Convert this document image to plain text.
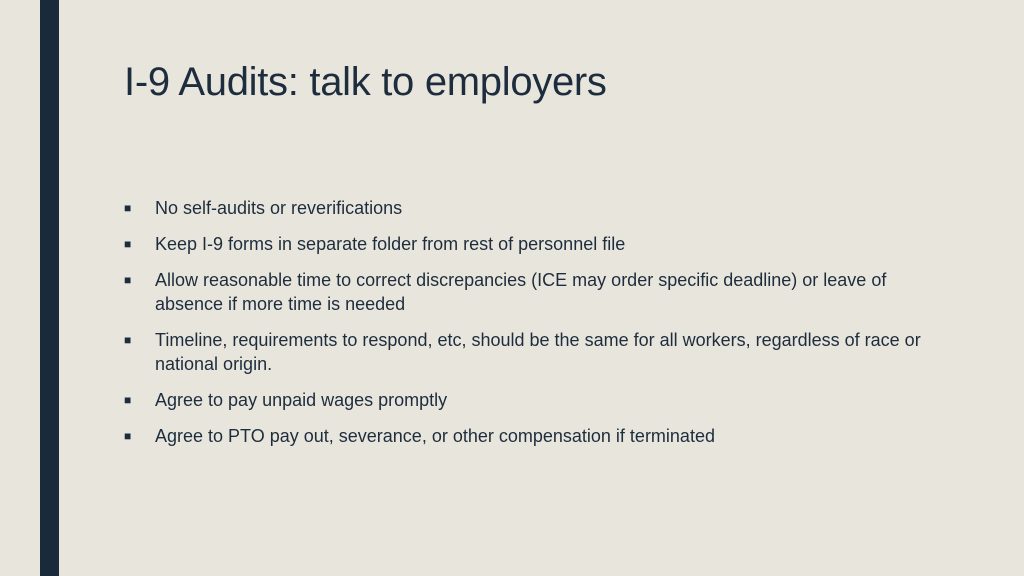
I-9 Audits: talk to employers
■	No self-audits or reverifications
■	Keep I-9 forms in separate folder from rest of personnel file
■	Allow reasonable time to correct discrepancies (ICE may order specific deadline) or leave of absence if more time is needed
■	Timeline, requirements to respond, etc, should be the same for all workers, regardless of race or national origin.
■	Agree to pay unpaid wages promptly
■	Agree to PTO pay out, severance, or other compensation if terminated
